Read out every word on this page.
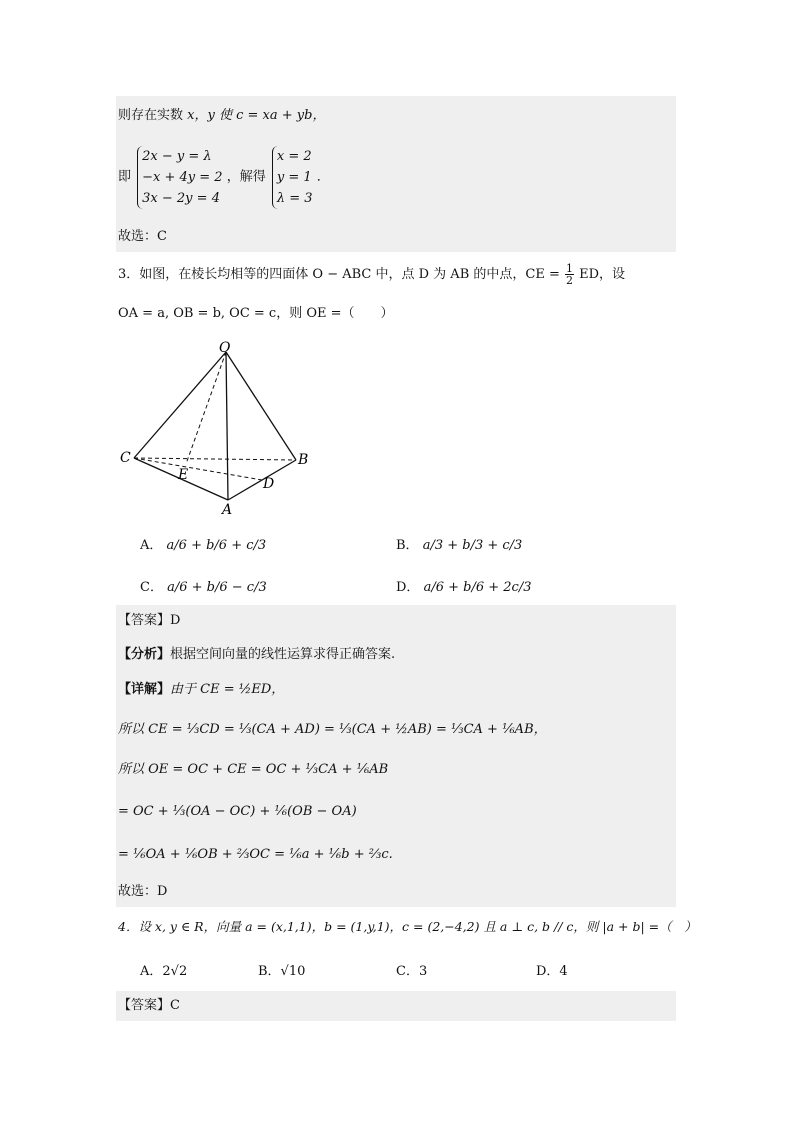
则存在实数 x，y 使 c = xa + yb，
即
2x − y = λ
−x + 4y = 2
3x − 2y = 4
，解得
x = 2
y = 1
λ = 3
．
故选：C
3．如图，在棱长均相等的四面体 O − ABC 中，点 D 为 AB 的中点，CE = $\frac{1}{2}$ ED，设
OA = a, OB = b, OC = c，则 OE =（　　）
O
C	B
E
D
A
A． a/6 + b/6 + c/3	B． a/3 + b/3 + c/3
C． a/6 + b/6 − c/3	D． a/6 + b/6 + 2c/3
【答案】D
【分析】根据空间向量的线性运算求得正确答案.
【详解】由于 CE = ½ED，
所以 CE = ⅓CD = ⅓(CA + AD) = ⅓(CA + ½AB) = ⅓CA + ⅙AB，
所以 OE = OC + CE = OC + ⅓CA + ⅙AB
= OC + ⅓(OA − OC) + ⅙(OB − OA)
= ⅙OA + ⅙OB + ⅔OC = ⅙a + ⅙b + ⅔c.
故选：D
4．设 x, y ∈ R，向量 a = (x,1,1)，b = (1,y,1)，c = (2,−4,2) 且 a ⊥ c, b // c，则 |a + b| =（　）
A．2√2	B．√10	C．3	D．4
【答案】C
